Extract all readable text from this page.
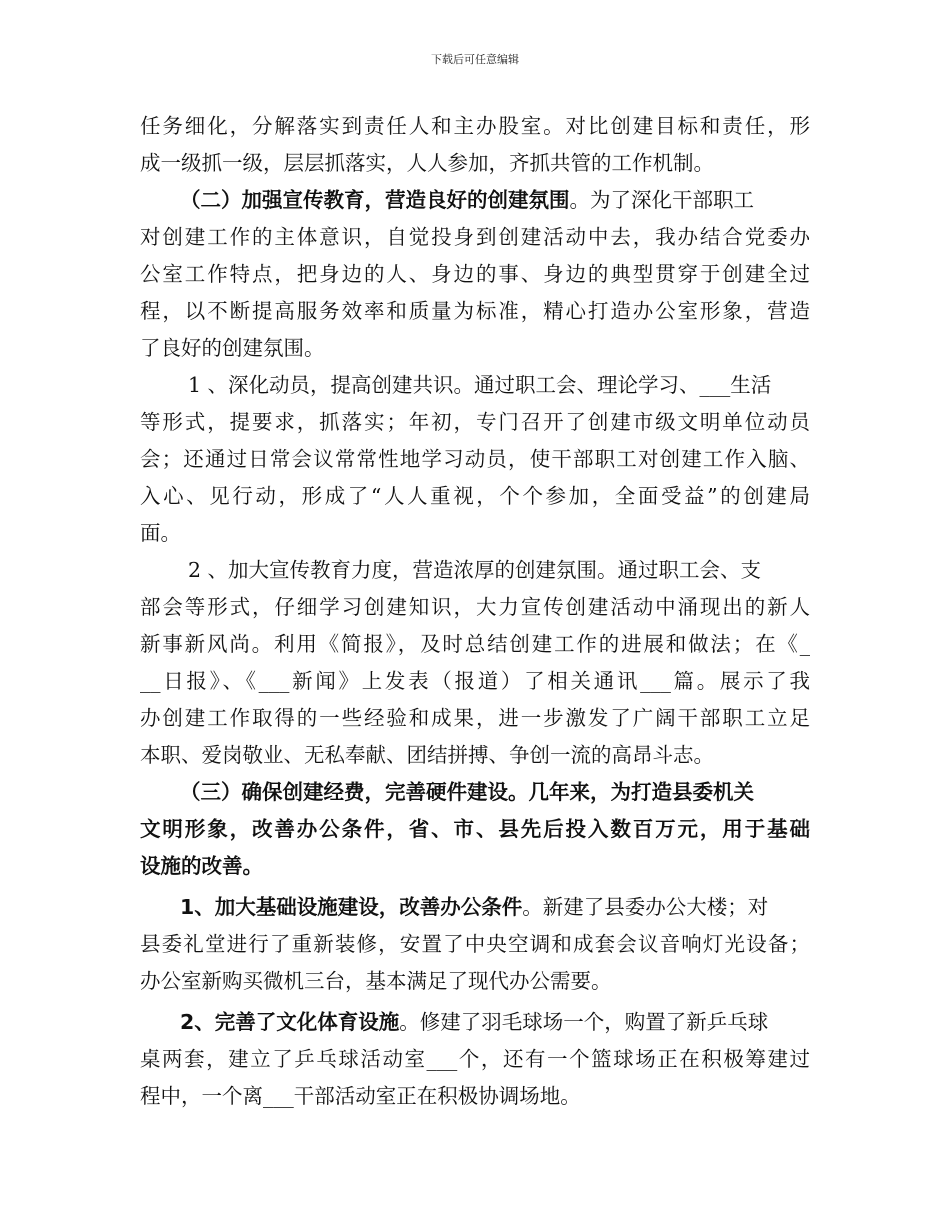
下载后可任意编辑

任务细化，分解落实到责任人和主办股室。对比创建目标和责任，形

成一级抓一级，层层抓落实，人人参加，齐抓共管的工作机制。

（二）加强宣传教育，营造良好的创建氛围。为了深化干部职工

对创建工作的主体意识，自觉投身到创建活动中去，我办结合党委办

公室工作特点，把身边的人、身边的事、身边的典型贯穿于创建全过

程，以不断提高服务效率和质量为标准，精心打造办公室形象，营造

了良好的创建氛围。

1 、深化动员，提高创建共识。通过职工会、理论学习、___生活

等形式，提要求，抓落实；年初，专门召开了创建市级文明单位动员

会；还通过日常会议常常性地学习动员，使干部职工对创建工作入脑、

入心、见行动，形成了“人人重视，个个参加，全面受益”的创建局

面。

2 、加大宣传教育力度，营造浓厚的创建氛围。通过职工会、支

部会等形式，仔细学习创建知识，大力宣传创建活动中涌现出的新人

新事新风尚。利用《简报》，及时总结创建工作的进展和做法；在《_

__日报》、《___新闻》上发表（报道）了相关通讯___篇。展示了我

办创建工作取得的一些经验和成果，进一步激发了广阔干部职工立足

本职、爱岗敬业、无私奉献、团结拼搏、争创一流的高昂斗志。

（三）确保创建经费，完善硬件建设。几年来，为打造县委机关

文明形象，改善办公条件，省、市、县先后投入数百万元，用于基础

设施的改善。

1、加大基础设施建设，改善办公条件。新建了县委办公大楼；对

县委礼堂进行了重新装修，安置了中央空调和成套会议音响灯光设备；

办公室新购买微机三台，基本满足了现代办公需要。

2、完善了文化体育设施。修建了羽毛球场一个，购置了新乒乓球

桌两套，建立了乒乓球活动室___个，还有一个篮球场正在积极筹建过

程中，一个离___干部活动室正在积极协调场地。
